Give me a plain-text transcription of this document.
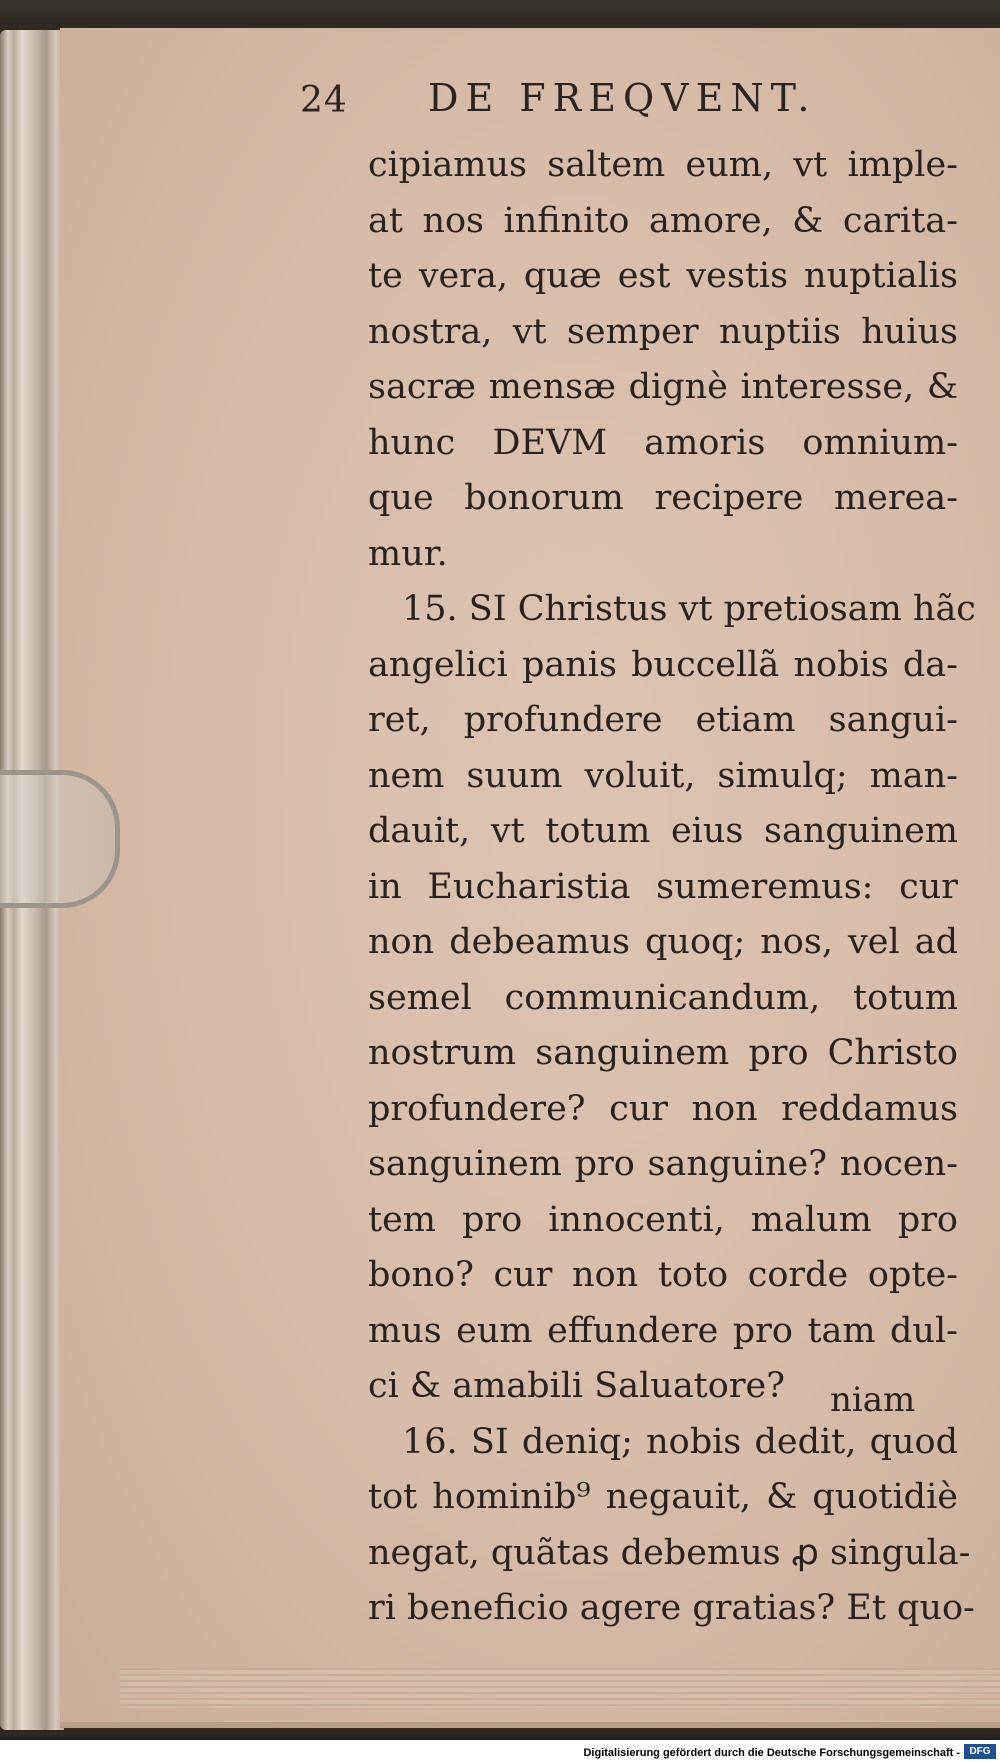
24 DE FREQVENT.
cipiamus saltem eum, vt imple-
at nos infinito amore, & carita-
te vera, quæ est vestis nuptialis
nostra, vt semper nuptiis huius
sacræ mensæ dignè interesse, &
hunc DEVM amoris omnium-
que bonorum recipere merea-
mur.
15. SI Christus vt pretiosam hãc
angelici panis buccellã nobis da-
ret, profundere etiam sangui-
nem suum voluit, simulq; man-
dauit, vt totum eius sanguinem
in Eucharistia sumeremus: cur
non debeamus quoq; nos, vel ad
semel communicandum, totum
nostrum sanguinem pro Christo
profundere? cur non reddamus
sanguinem pro sanguine? nocen-
tem pro innocenti, malum pro
bono? cur non toto corde opte-
mus eum effundere pro tam dul-
ci & amabili Saluatore?
16. SI deniq; nobis dedit, quod
tot hominib⁹ negauit, & quotidiè
negat, quãtas debemus ꝓ singula-
ri beneficio agere gratias? Et quo-
niam
Digitalisierung gefördert durch die Deutsche Forschungsgemeinschaft - DFG
